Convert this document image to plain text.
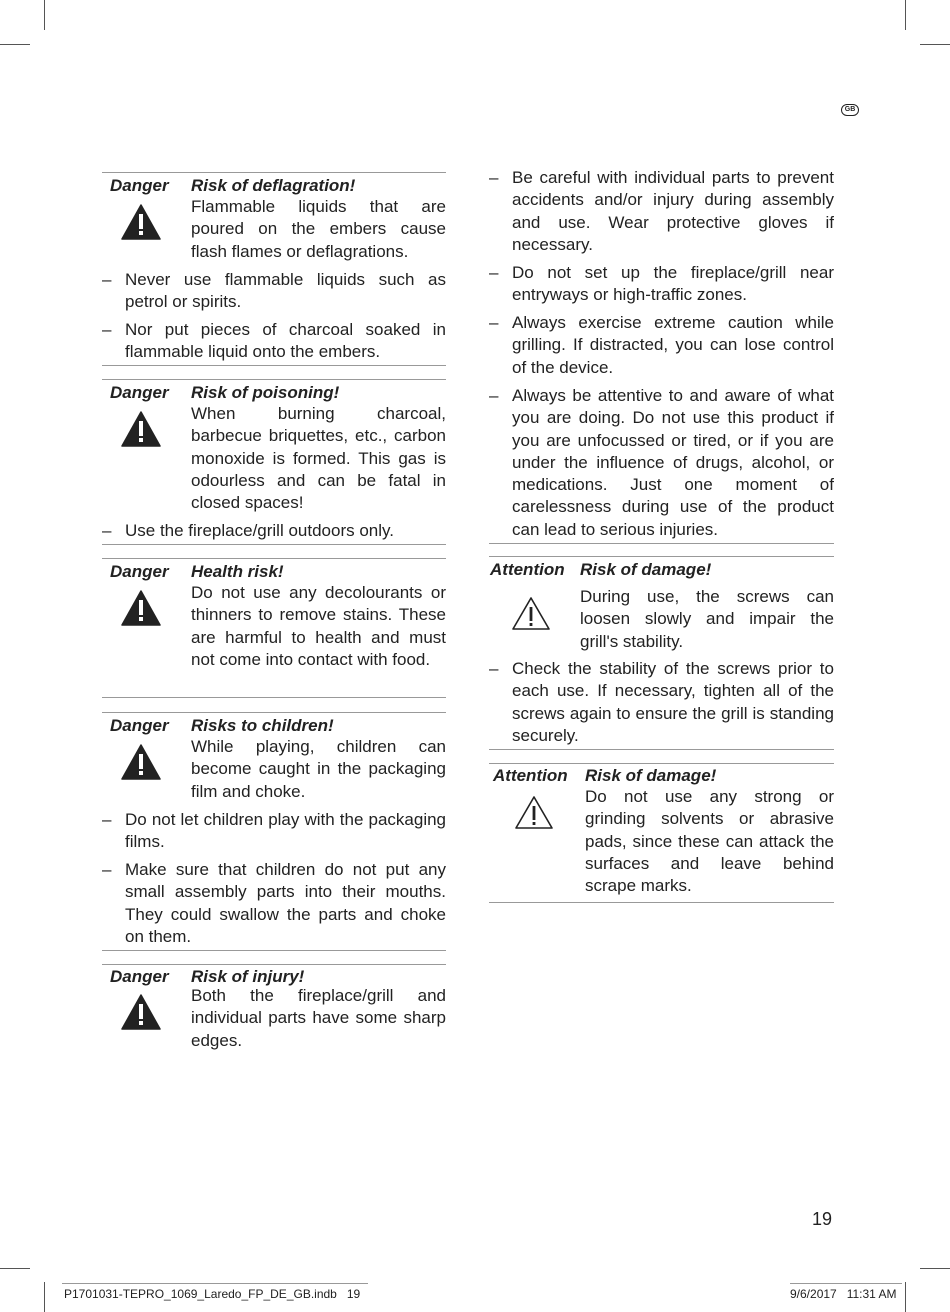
GB
Danger Risk of deflagration!
Flammable liquids that are poured on the embers cause flash flames or deflagrations.
– Never use flammable liquids such as petrol or spirits.
– Nor put pieces of charcoal soaked in flammable liquid onto the embers.
Danger Risk of poisoning!
When burning charcoal, barbecue briquettes, etc., carbon monoxide is formed. This gas is odourless and can be fatal in closed spaces!
– Use the fireplace/grill outdoors only.
Danger Health risk!
Do not use any decolourants or thinners to remove stains. These are harmful to health and must not come into contact with food.
Danger Risks to children!
While playing, children can become caught in the packaging film and choke.
– Do not let children play with the packaging films.
– Make sure that children do not put any small assembly parts into their mouths. They could swallow the parts and choke on them.
Danger Risk of injury!
Both the fireplace/grill and individual parts have some sharp edges.
– Be careful with individual parts to prevent accidents and/or injury during assembly and use. Wear protective gloves if necessary.
– Do not set up the fireplace/grill near entryways or high-traffic zones.
– Always exercise extreme caution while grilling. If distracted, you can lose control of the device.
– Always be attentive to and aware of what you are doing. Do not use this product if you are unfocussed or tired, or if you are under the influence of drugs, alcohol, or medications. Just one moment of carelessness during use of the product can lead to serious injuries.
Attention Risk of damage!
During use, the screws can loosen slowly and impair the grill's stability.
– Check the stability of the screws prior to each use. If necessary, tighten all of the screws again to ensure the grill is standing securely.
Attention Risk of damage!
Do not use any strong or grinding solvents or abrasive pads, since these can attack the surfaces and leave behind scrape marks.
19
P1701031-TEPRO_1069_Laredo_FP_DE_GB.indb   19	9/6/2017   11:31 AM
